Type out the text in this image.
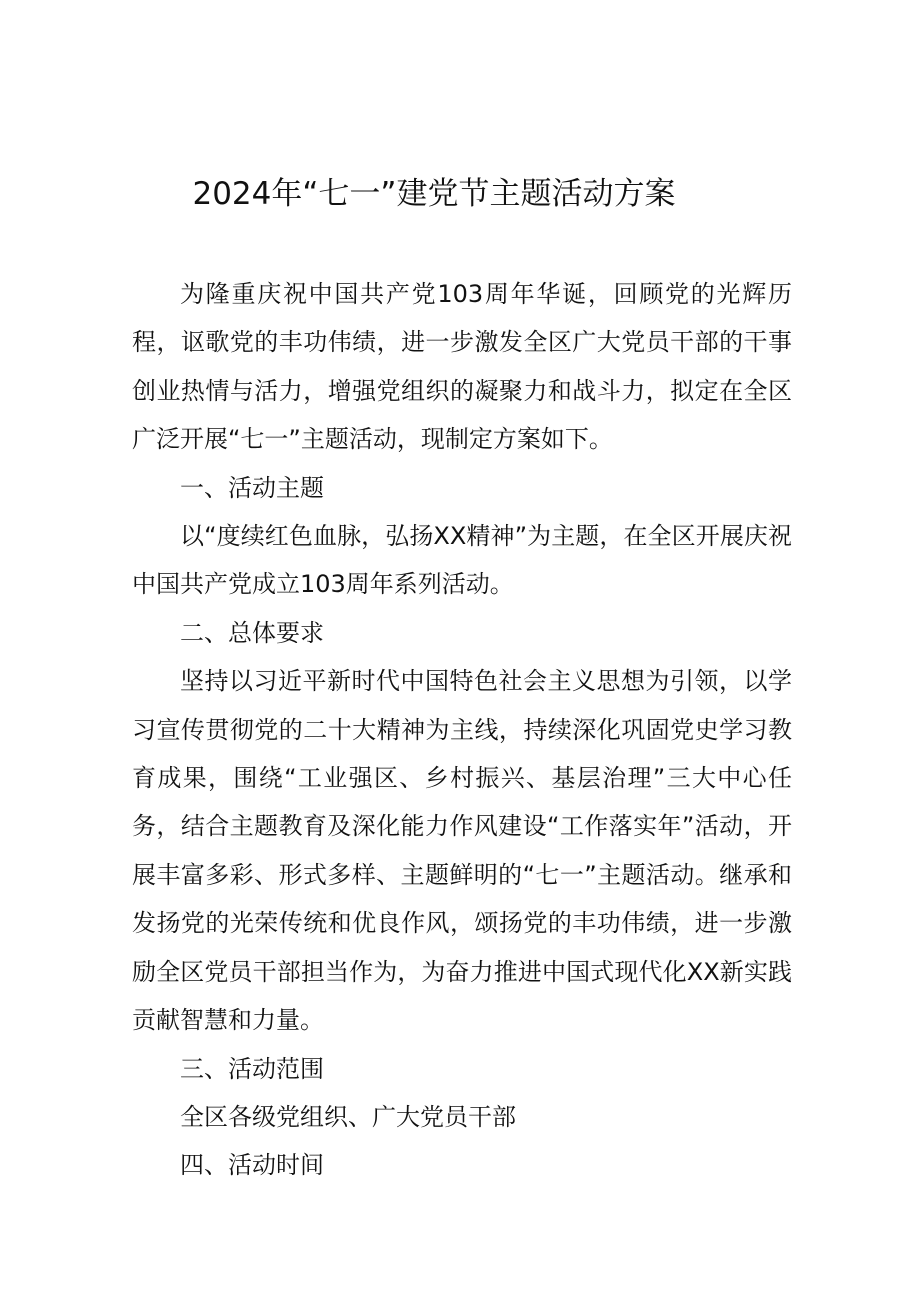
2024年“七一”建党节主题活动方案

为隆重庆祝中国共产党103周年华诞，回顾党的光辉历程，讴歌党的丰功伟绩，进一步激发全区广大党员干部的干事创业热情与活力，增强党组织的凝聚力和战斗力，拟定在全区广泛开展“七一”主题活动，现制定方案如下。

一、活动主题

以“度续红色血脉，弘扬XX精神”为主题，在全区开展庆祝中国共产党成立103周年系列活动。

二、总体要求

坚持以习近平新时代中国特色社会主义思想为引领，以学习宣传贯彻党的二十大精神为主线，持续深化巩固党史学习教育成果，围绕“工业强区、乡村振兴、基层治理”三大中心任务，结合主题教育及深化能力作风建设“工作落实年”活动，开展丰富多彩、形式多样、主题鲜明的“七一”主题活动。继承和发扬党的光荣传统和优良作风，颂扬党的丰功伟绩，进一步激励全区党员干部担当作为，为奋力推进中国式现代化XX新实践贡献智慧和力量。

三、活动范围

全区各级党组织、广大党员干部

四、活动时间
